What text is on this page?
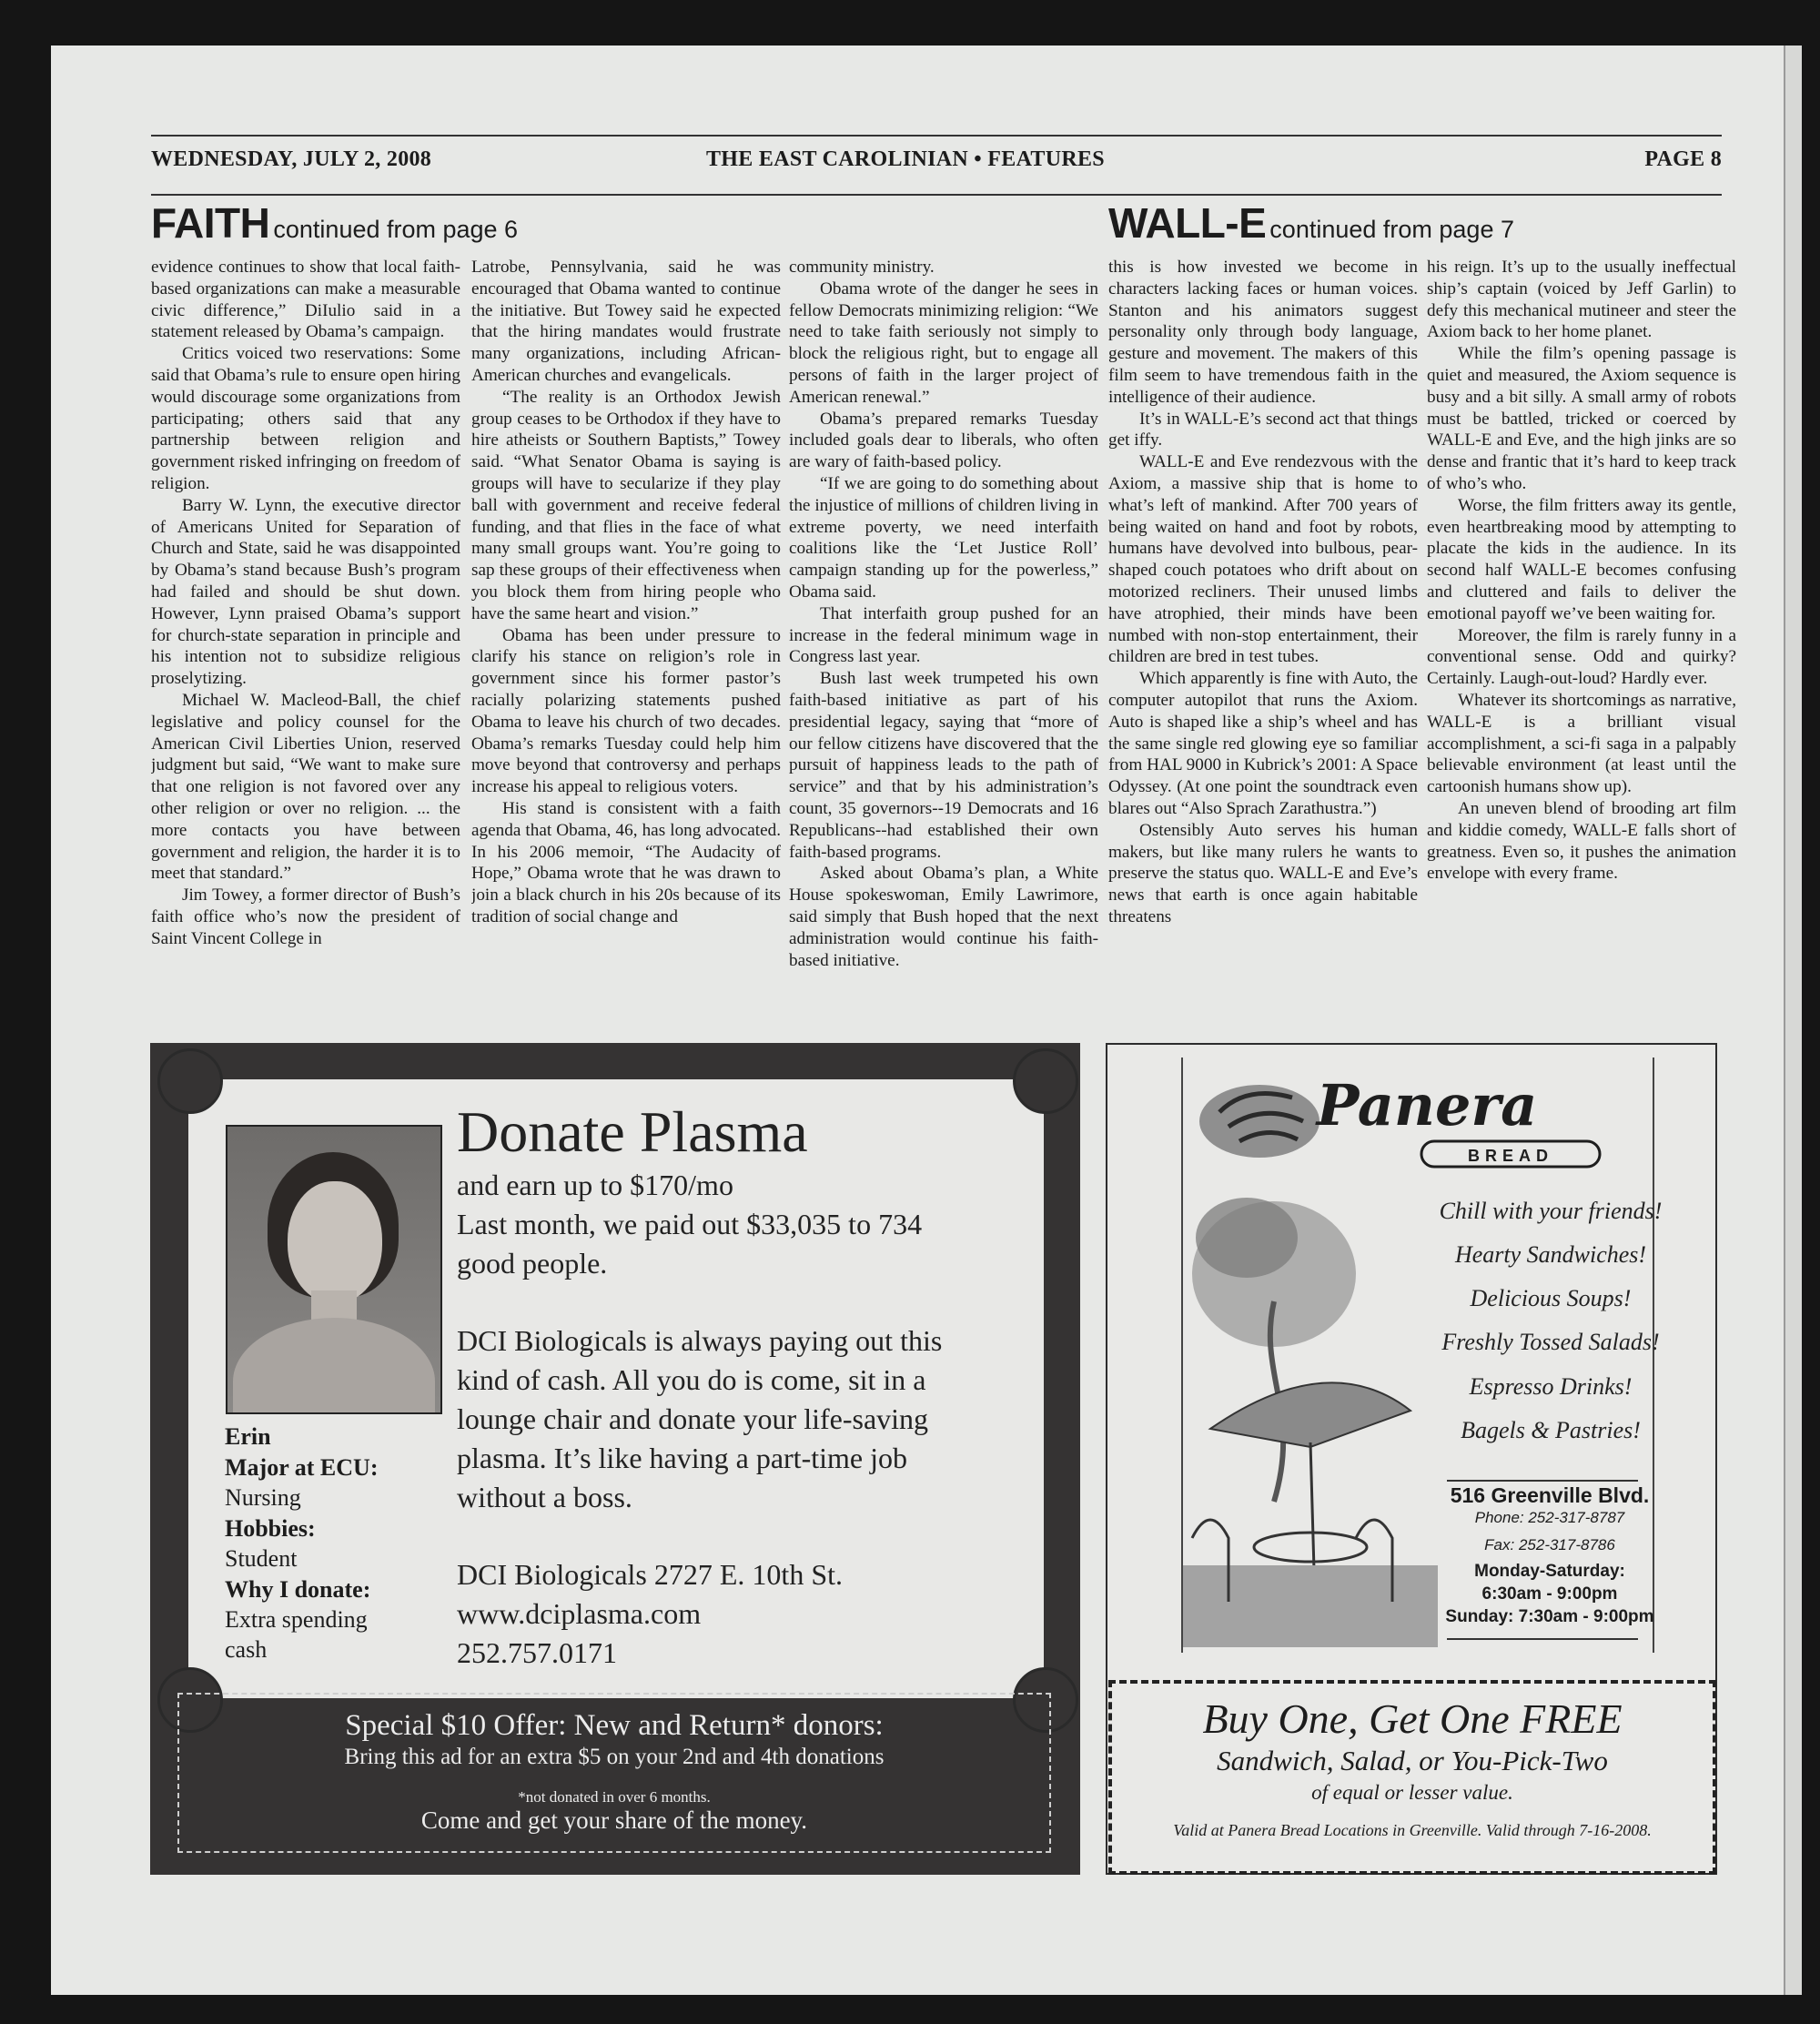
WEDNESDAY, JULY 2, 2008	THE EAST CAROLINIAN • FEATURES	PAGE 8
FAITH continued from page 6

evidence continues to show that local faith-based organizations can make a measurable civic difference,” DiIulio said in a statement released by Obama’s campaign.

Critics voiced two reservations: Some said that Obama’s rule to ensure open hiring would discourage some organizations from participating; others said that any partnership between religion and government risked infringing on freedom of religion.

Barry W. Lynn, the executive director of Americans United for Separation of Church and State, said he was disappointed by Obama’s stand because Bush’s program had failed and should be shut down. However, Lynn praised Obama’s support for church-state separation in principle and his intention not to subsidize religious proselytizing.

Michael W. Macleod-Ball, the chief legislative and policy counsel for the American Civil Liberties Union, reserved judgment but said, “We want to make sure that one religion is not favored over any other religion or over no religion. ... the more contacts you have between government and religion, the harder it is to meet that standard.”

Jim Towey, a former director of Bush’s faith office who’s now the president of Saint Vincent College in

Latrobe, Pennsylvania, said he was encouraged that Obama wanted to continue the initiative. But Towey said he expected that the hiring mandates would frustrate many organizations, including African-American churches and evangelicals.

“The reality is an Orthodox Jewish group ceases to be Orthodox if they have to hire atheists or Southern Baptists,” Towey said. “What Senator Obama is saying is groups will have to secularize if they play ball with government and receive federal funding, and that flies in the face of what many small groups want. You’re going to sap these groups of their effectiveness when you block them from hiring people who have the same heart and vision.”

Obama has been under pressure to clarify his stance on religion’s role in government since his former pastor’s racially polarizing statements pushed Obama to leave his church of two decades. Obama’s remarks Tuesday could help him move beyond that controversy and perhaps increase his appeal to religious voters.

His stand is consistent with a faith agenda that Obama, 46, has long advocated. In his 2006 memoir, “The Audacity of Hope,” Obama wrote that he was drawn to join a black church in his 20s because of its tradition of social change and

community ministry.

Obama wrote of the danger he sees in fellow Democrats minimizing religion: “We need to take faith seriously not simply to block the religious right, but to engage all persons of faith in the larger project of American renewal.”

Obama’s prepared remarks Tuesday included goals dear to liberals, who often are wary of faith-based policy.

“If we are going to do something about the injustice of millions of children living in extreme poverty, we need interfaith coalitions like the ‘Let Justice Roll’ campaign standing up for the powerless,” Obama said.

That interfaith group pushed for an increase in the federal minimum wage in Congress last year.

Bush last week trumpeted his own faith-based initiative as part of his presidential legacy, saying that “more of our fellow citizens have discovered that the pursuit of happiness leads to the path of service” and that by his administration’s count, 35 governors--19 Democrats and 16 Republicans--had established their own faith-based programs.

Asked about Obama’s plan, a White House spokeswoman, Emily Lawrimore, said simply that Bush hoped that the next administration would continue his faith-based initiative.

WALL-E continued from page 7

this is how invested we become in characters lacking faces or human voices. Stanton and his animators suggest personality only through body language, gesture and movement. The makers of this film seem to have tremendous faith in the intelligence of their audience.

It’s in WALL-E’s second act that things get iffy.

WALL-E and Eve rendezvous with the Axiom, a massive ship that is home to what’s left of mankind. After 700 years of being waited on hand and foot by robots, humans have devolved into bulbous, pear-shaped couch potatoes who drift about on motorized recliners. Their unused limbs have atrophied, their minds have been numbed with non-stop entertainment, their children are bred in test tubes.

Which apparently is fine with Auto, the computer autopilot that runs the Axiom. Auto is shaped like a ship’s wheel and has the same single red glowing eye so familiar from HAL 9000 in Kubrick’s 2001: A Space Odyssey. (At one point the soundtrack even blares out “Also Sprach Zarathustra.”)

Ostensibly Auto serves his human makers, but like many rulers he wants to preserve the status quo. WALL-E and Eve’s news that earth is once again habitable threatens

his reign. It’s up to the usually ineffectual ship’s captain (voiced by Jeff Garlin) to defy this mechanical mutineer and steer the Axiom back to her home planet.

While the film’s opening passage is quiet and measured, the Axiom sequence is busy and a bit silly. A small army of robots must be battled, tricked or coerced by WALL-E and Eve, and the high jinks are so dense and frantic that it’s hard to keep track of who’s who.

Worse, the film fritters away its gentle, even heartbreaking mood by attempting to placate the kids in the audience. In its second half WALL-E becomes confusing and cluttered and fails to deliver the emotional payoff we’ve been waiting for.

Moreover, the film is rarely funny in a conventional sense. Odd and quirky? Certainly. Laugh-out-loud? Hardly ever.

Whatever its shortcomings as narrative, WALL-E is a brilliant visual accomplishment, a sci-fi saga in a palpably believable environment (at least until the cartoonish humans show up).

An uneven blend of brooding art film and kiddie comedy, WALL-E falls short of greatness. Even so, it pushes the animation envelope with every frame.

Donate Plasma
and earn up to $170/mo
Last month, we paid out $33,035 to 734
good people.
DCI Biologicals is always paying out this
kind of cash. All you do is come, sit in a
lounge chair and donate your life-saving
plasma. It’s like having a part-time job
without a boss.
DCI Biologicals 2727 E. 10th St.
www.dciplasma.com
252.757.0171
Erin
Major at ECU:
Nursing
Hobbies:
Student
Why I donate:
Extra spending
cash
Special $10 Offer: New and Return* donors:
Bring this ad for an extra $5 on your 2nd and 4th donations
*not donated in over 6 months.
Come and get your share of the money.
Panera
BREAD
Chill with your friends!
Hearty Sandwiches!
Delicious Soups!
Freshly Tossed Salads!
Espresso Drinks!
Bagels & Pastries!
516 Greenville Blvd.
Phone: 252-317-8787
Fax: 252-317-8786
Monday-Saturday:
6:30am - 9:00pm
Sunday: 7:30am - 9:00pm
Buy One, Get One FREE
Sandwich, Salad, or You-Pick-Two
of equal or lesser value.
Valid at Panera Bread Locations in Greenville. Valid through 7-16-2008.
